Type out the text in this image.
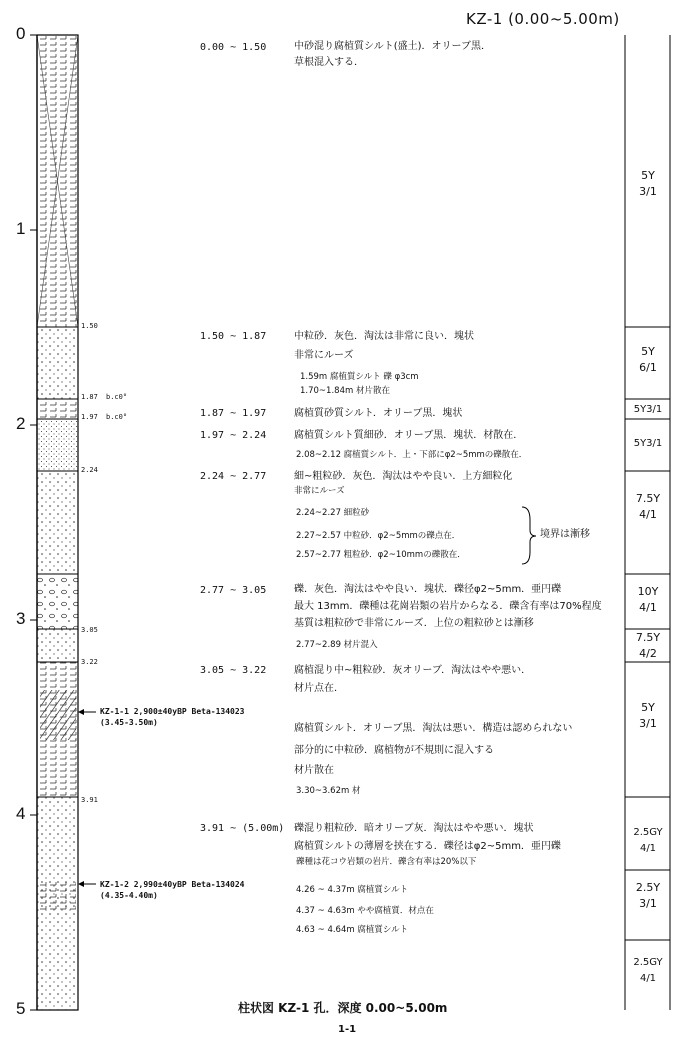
KZ-1 (0.00~5.00m)
0
1
2
3
4
5
1.50
1.87
1.97
2.24
3.05
3.22
3.91
b.c0°
b.c0°
KZ-1-1 2,900±40yBP Beta-134023
(3.45-3.50m)
KZ-1-2 2,990±40yBP Beta-134024
(4.35-4.40m)
0.00 ~ 1.50	中砂混り腐植質シルト(盛土)．オリーブ黒．
草根混入する．
1.50 ~ 1.87	中粒砂．灰色．淘汰は非常に良い．塊状
非常にルーズ
1.59m 腐植質シルト 礫 φ3cm
1.70~1.84m 材片散在
1.87 ~ 1.97	腐植質砂質シルト．オリーブ黒．塊状
1.97 ~ 2.24	腐植質シルト質細砂．オリーブ黒．塊状．材散在．
2.08~2.12 腐植質シルト．上・下部にφ2~5mmの礫散在．
2.24 ~ 2.77	細~粗粒砂．灰色．淘汰はやや良い．上方細粒化
非常にルーズ
2.24~2.27 細粒砂
2.27~2.57 中粒砂．φ2~5mmの礫点在．
2.57~2.77 粗粒砂．φ2~10mmの礫散在．
境界は漸移
2.77 ~ 3.05	礫．灰色．淘汰はやや良い．塊状．礫径φ2~5mm．亜円礫
最大 13mm．礫種は花崗岩類の岩片からなる．礫含有率は70%程度
基質は粗粒砂で非常にルーズ．上位の粗粒砂とは漸移
2.77~2.89 材片混入
3.05 ~ 3.22	腐植混り中~粗粒砂．灰オリーブ．淘汰はやや悪い．
材片点在．
腐植質シルト．オリーブ黒．淘汰は悪い．構造は認められない
部分的に中粒砂．腐植物が不規則に混入する
材片散在
3.30~3.62m 材
3.91 ~ (5.00m) 礫混り粗粒砂．暗オリーブ灰．淘汰はやや悪い．塊状
腐植質シルトの薄層を挟在する．礫径はφ2~5mm．亜円礫
礫種は花コウ岩類の岩片．礫含有率は20%以下
4.26 ~ 4.37m 腐植質シルト
4.37 ~ 4.63m やや腐植質．材点在
4.63 ~ 4.64m 腐植質シルト
5Y
3/1
5Y
6/1
5Y3/1
5Y3/1
7.5Y
4/1
10Y
4/1
7.5Y
4/2
5Y
3/1
2.5GY
4/1
2.5Y
3/1
2.5GY
4/1
柱状図 KZ-1 孔．深度 0.00~5.00m
1-1
